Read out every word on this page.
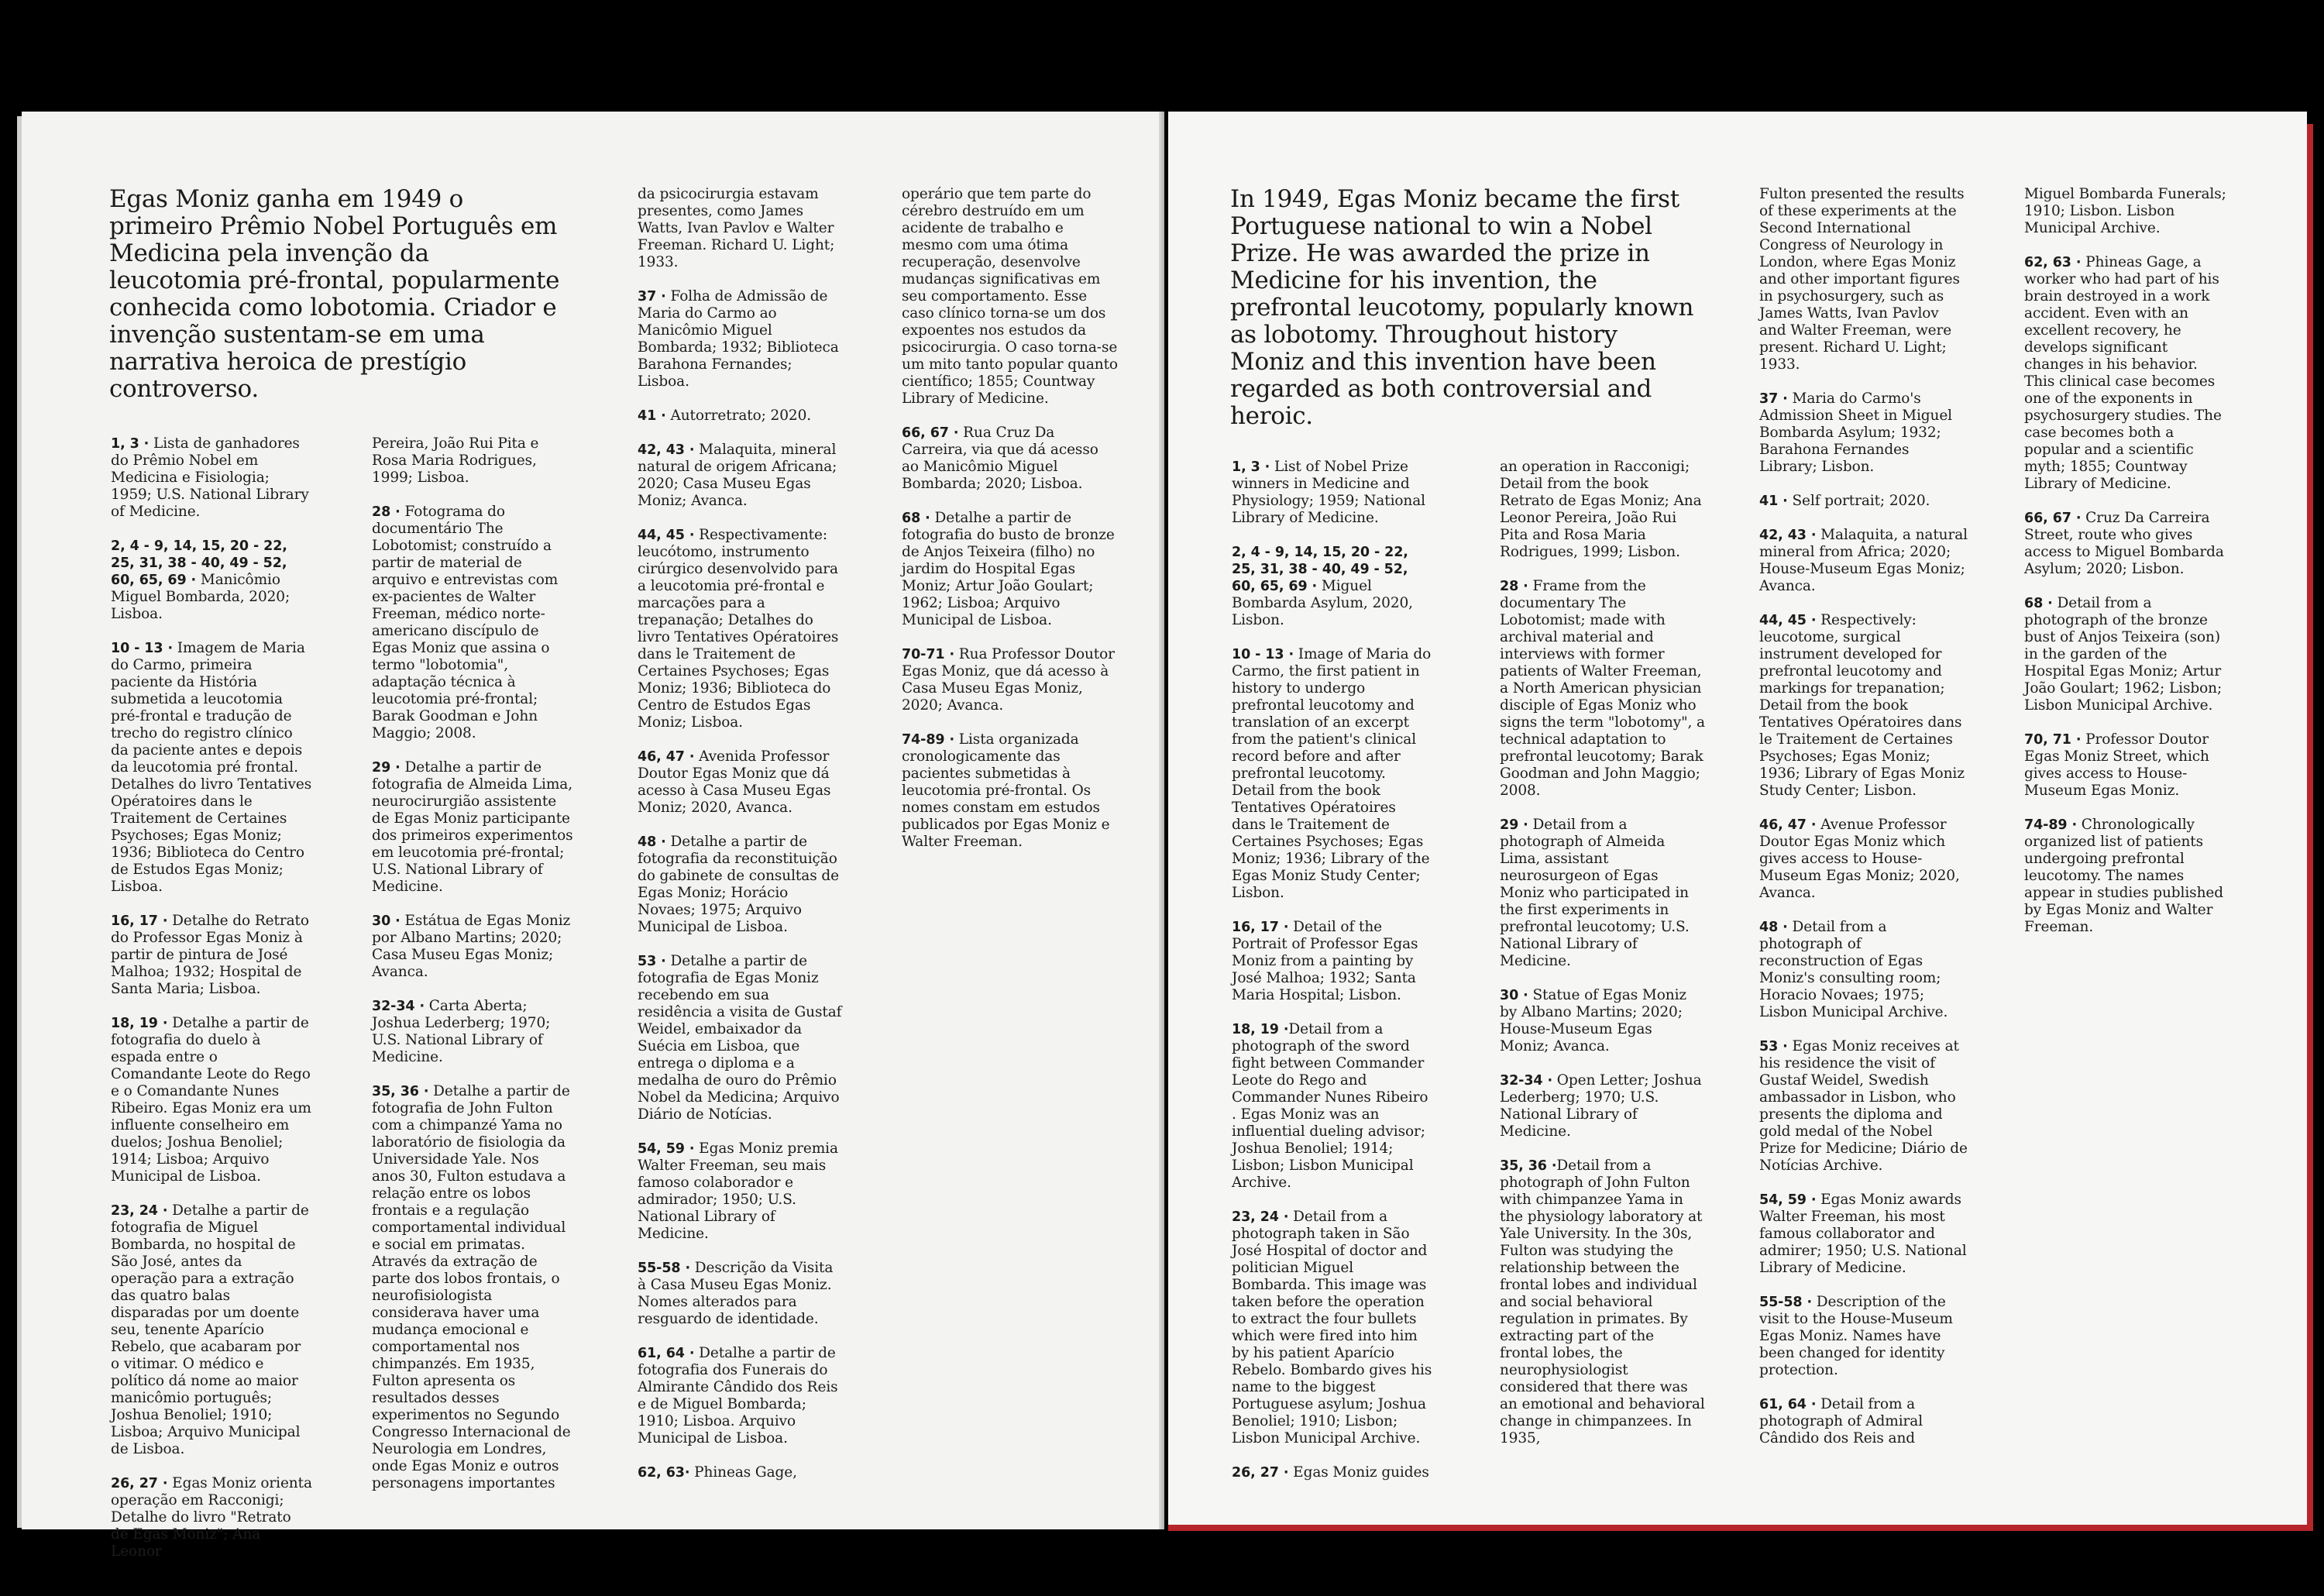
Egas Moniz ganha em 1949 o primeiro Prêmio Nobel Português em Medicina pela invenção da leucotomia pré-frontal, popularmente conhecida como lobotomia. Criador e invenção sustentam-se em uma narrativa heroica de prestígio controverso.

1, 3 · Lista de ganhadores do Prêmio Nobel em Medicina e Fisiologia; 1959; U.S. National Library of Medicine.

2, 4 - 9, 14, 15, 20 - 22, 25, 31, 38 - 40, 49 - 52, 60, 65, 69 · Manicômio Miguel Bombarda, 2020; Lisboa.

10 - 13 · Imagem de Maria do Carmo, primeira paciente da História submetida a leucotomia pré-frontal e tradução de trecho do registro clínico da paciente antes e depois da leucotomia pré frontal. Detalhes do livro Tentatives Opératoires dans le Traitement de Certaines Psychoses; Egas Moniz; 1936; Biblioteca do Centro de Estudos Egas Moniz; Lisboa.

16, 17 · Detalhe do Retrato do Professor Egas Moniz à partir de pintura de José Malhoa; 1932; Hospital de Santa Maria; Lisboa.

18, 19 · Detalhe a partir de fotografia do duelo à espada entre o Comandante Leote do Rego e o Comandante Nunes Ribeiro. Egas Moniz era um influente conselheiro em duelos; Joshua Benoliel; 1914; Lisboa; Arquivo Municipal de Lisboa.

23, 24 · Detalhe a partir de fotografia de Miguel Bombarda, no hospital de São José, antes da operação para a extração das quatro balas disparadas por um doente seu, tenente Aparício Rebelo, que acabaram por o vitimar. O médico e político dá nome ao maior manicômio português; Joshua Benoliel; 1910; Lisboa; Arquivo Municipal de Lisboa.

26, 27 · Egas Moniz orienta operação em Racconigi; Detalhe do livro "Retrato de Egas Moniz"; Ana Leonor

Pereira, João Rui Pita e Rosa Maria Rodrigues, 1999; Lisboa.

28 · Fotograma do documentário The Lobotomist; construído a partir de material de arquivo e entrevistas com ex-pacientes de Walter Freeman, médico norte-americano discípulo de Egas Moniz que assina o termo "lobotomia", adaptação técnica à leucotomia pré-frontal; Barak Goodman e John Maggio; 2008.

29 · Detalhe a partir de fotografia de Almeida Lima, neurocirurgião assistente de Egas Moniz participante dos primeiros experimentos em leucotomia pré-frontal; U.S. National Library of Medicine.

30 · Estátua de Egas Moniz por Albano Martins; 2020; Casa Museu Egas Moniz; Avanca.

32-34 · Carta Aberta; Joshua Lederberg; 1970; U.S. National Library of Medicine.

35, 36 · Detalhe a partir de fotografia de John Fulton com a chimpanzé Yama no laboratório de fisiologia da Universidade Yale. Nos anos 30, Fulton estudava a relação entre os lobos frontais e a regulação comportamental individual e social em primatas. Através da extração de parte dos lobos frontais, o neurofisiologista considerava haver uma mudança emocional e comportamental nos chimpanzés. Em 1935, Fulton apresenta os resultados desses experimentos no Segundo Congresso Internacional de Neurologia em Londres, onde Egas Moniz e outros personagens importantes

da psicocirurgia estavam presentes, como James Watts, Ivan Pavlov e Walter Freeman. Richard U. Light; 1933.

37 · Folha de Admissão de Maria do Carmo ao Manicômio Miguel Bombarda; 1932; Biblioteca Barahona Fernandes; Lisboa.

41 · Autorretrato; 2020.

42, 43 · Malaquita, mineral natural de origem Africana; 2020; Casa Museu Egas Moniz; Avanca.

44, 45 · Respectivamente: leucótomo, instrumento cirúrgico desenvolvido para a leucotomia pré-frontal e marcações para a trepanação; Detalhes do livro Tentatives Opératoires dans le Traitement de Certaines Psychoses; Egas Moniz; 1936; Biblioteca do Centro de Estudos Egas Moniz; Lisboa.

46, 47 · Avenida Professor Doutor Egas Moniz que dá acesso à Casa Museu Egas Moniz; 2020, Avanca.

48 · Detalhe a partir de fotografia da reconstituição do gabinete de consultas de Egas Moniz; Horácio Novaes; 1975; Arquivo Municipal de Lisboa.

53 · Detalhe a partir de fotografia de Egas Moniz recebendo em sua residência a visita de Gustaf Weidel, embaixador da Suécia em Lisboa, que entrega o diploma e a medalha de ouro do Prêmio Nobel da Medicina; Arquivo Diário de Notícias.

54, 59 · Egas Moniz premia Walter Freeman, seu mais famoso colaborador e admirador; 1950; U.S. National Library of Medicine.

55-58 · Descrição da Visita à Casa Museu Egas Moniz. Nomes alterados para resguardo de identidade.

61, 64 · Detalhe a partir de fotografia dos Funerais do Almirante Cândido dos Reis e de Miguel Bombarda; 1910; Lisboa. Arquivo Municipal de Lisboa.

62, 63· Phineas Gage,

operário que tem parte do cérebro destruído em um acidente de trabalho e mesmo com uma ótima recuperação, desenvolve mudanças significativas em seu comportamento. Esse caso clínico torna-se um dos expoentes nos estudos da psicocirurgia. O caso torna-se um mito tanto popular quanto científico; 1855; Countway Library of Medicine.

66, 67 · Rua Cruz Da Carreira, via que dá acesso ao Manicômio Miguel Bombarda; 2020; Lisboa.

68 · Detalhe a partir de fotografia do busto de bronze de Anjos Teixeira (filho) no jardim do Hospital Egas Moniz; Artur João Goulart; 1962; Lisboa; Arquivo Municipal de Lisboa.

70-71 · Rua Professor Doutor Egas Moniz, que dá acesso à Casa Museu Egas Moniz, 2020; Avanca.

74-89 · Lista organizada cronologicamente das pacientes submetidas à leucotomia pré-frontal. Os nomes constam em estudos publicados por Egas Moniz e Walter Freeman.

In 1949, Egas Moniz became the first Portuguese national to win a Nobel Prize. He was awarded the prize in Medicine for his invention, the prefrontal leucotomy, popularly known as lobotomy. Throughout history Moniz and this invention have been regarded as both controversial and heroic.

1, 3 · List of Nobel Prize winners in Medicine and Physiology; 1959; National Library of Medicine.

2, 4 - 9, 14, 15, 20 - 22, 25, 31, 38 - 40, 49 - 52, 60, 65, 69 · Miguel Bombarda Asylum, 2020, Lisbon.

10 - 13 · Image of Maria do Carmo, the first patient in history to undergo prefrontal leucotomy and translation of an excerpt from the patient's clinical record before and after prefrontal leucotomy. Detail from the book Tentatives Opératoires dans le Traitement de Certaines Psychoses; Egas Moniz; 1936; Library of the Egas Moniz Study Center; Lisbon.

16, 17 · Detail of the Portrait of Professor Egas Moniz from a painting by José Malhoa; 1932; Santa Maria Hospital; Lisbon.

18, 19 ·Detail from a photograph of the sword fight between Commander Leote do Rego and Commander Nunes Ribeiro . Egas Moniz was an influential dueling advisor; Joshua Benoliel; 1914; Lisbon; Lisbon Municipal Archive.

23, 24 · Detail from a photograph taken in São José Hospital of doctor and politician Miguel Bombarda. This image was taken before the operation to extract the four bullets which were fired into him by his patient Aparício Rebelo. Bombardo gives his name to the biggest Portuguese asylum; Joshua Benoliel; 1910; Lisbon; Lisbon Municipal Archive.

26, 27 · Egas Moniz guides

an operation in Racconigi; Detail from the book Retrato de Egas Moniz; Ana Leonor Pereira, João Rui Pita and Rosa Maria Rodrigues, 1999; Lisbon.

28 · Frame from the documentary The Lobotomist; made with archival material and interviews with former patients of Walter Freeman, a North American physician disciple of Egas Moniz who signs the term "lobotomy", a technical adaptation to prefrontal leucotomy; Barak Goodman and John Maggio; 2008.

29 · Detail from a photograph of Almeida Lima, assistant neurosurgeon of Egas Moniz who participated in the first experiments in prefrontal leucotomy; U.S. National Library of Medicine.

30 · Statue of Egas Moniz by Albano Martins; 2020; House-Museum Egas Moniz; Avanca.

32-34 · Open Letter; Joshua Lederberg; 1970; U.S. National Library of Medicine.

35, 36 ·Detail from a photograph of John Fulton with chimpanzee Yama in the physiology laboratory at Yale University. In the 30s, Fulton was studying the relationship between the frontal lobes and individual and social behavioral regulation in primates. By extracting part of the frontal lobes, the neurophysiologist considered that there was an emotional and behavioral change in chimpanzees. In 1935,

Fulton presented the results of these experiments at the Second International Congress of Neurology in London, where Egas Moniz and other important figures in psychosurgery, such as James Watts, Ivan Pavlov and Walter Freeman, were present. Richard U. Light; 1933.

37 · Maria do Carmo's Admission Sheet in Miguel Bombarda Asylum; 1932; Barahona Fernandes Library; Lisbon.

41 · Self portrait; 2020.

42, 43 · Malaquita, a natural mineral from Africa; 2020; House-Museum Egas Moniz; Avanca.

44, 45 · Respectively: leucotome, surgical instrument developed for prefrontal leucotomy and markings for trepanation; Detail from the book Tentatives Opératoires dans le Traitement de Certaines Psychoses; Egas Moniz; 1936; Library of Egas Moniz Study Center; Lisbon.

46, 47 · Avenue Professor Doutor Egas Moniz which gives access to House-Museum Egas Moniz; 2020, Avanca.

48 · Detail from a photograph of reconstruction of Egas Moniz's consulting room; Horacio Novaes; 1975; Lisbon Municipal Archive.

53 · Egas Moniz receives at his residence the visit of Gustaf Weidel, Swedish ambassador in Lisbon, who presents the diploma and gold medal of the Nobel Prize for Medicine; Diário de Notícias Archive.

54, 59 · Egas Moniz awards Walter Freeman, his most famous collaborator and admirer; 1950; U.S. National Library of Medicine.

55-58 · Description of the visit to the House-Museum Egas Moniz. Names have been changed for identity protection.

61, 64 · Detail from a photograph of Admiral Cândido dos Reis and

Miguel Bombarda Funerals; 1910; Lisbon. Lisbon Municipal Archive.

62, 63 · Phineas Gage, a worker who had part of his brain destroyed in a work accident. Even with an excellent recovery, he develops significant changes in his behavior. This clinical case becomes one of the exponents in psychosurgery studies. The case becomes both a popular and a scientific myth; 1855; Countway Library of Medicine.

66, 67 · Cruz Da Carreira Street, route who gives access to Miguel Bombarda Asylum; 2020; Lisbon.

68 · Detail from a photograph of the bronze bust of Anjos Teixeira (son) in the garden of the Hospital Egas Moniz; Artur João Goulart; 1962; Lisbon; Lisbon Municipal Archive.

70, 71 · Professor Doutor Egas Moniz Street, which gives access to House-Museum Egas Moniz.

74-89 · Chronologically organized list of patients undergoing prefrontal leucotomy. The names appear in studies published by Egas Moniz and Walter Freeman.
